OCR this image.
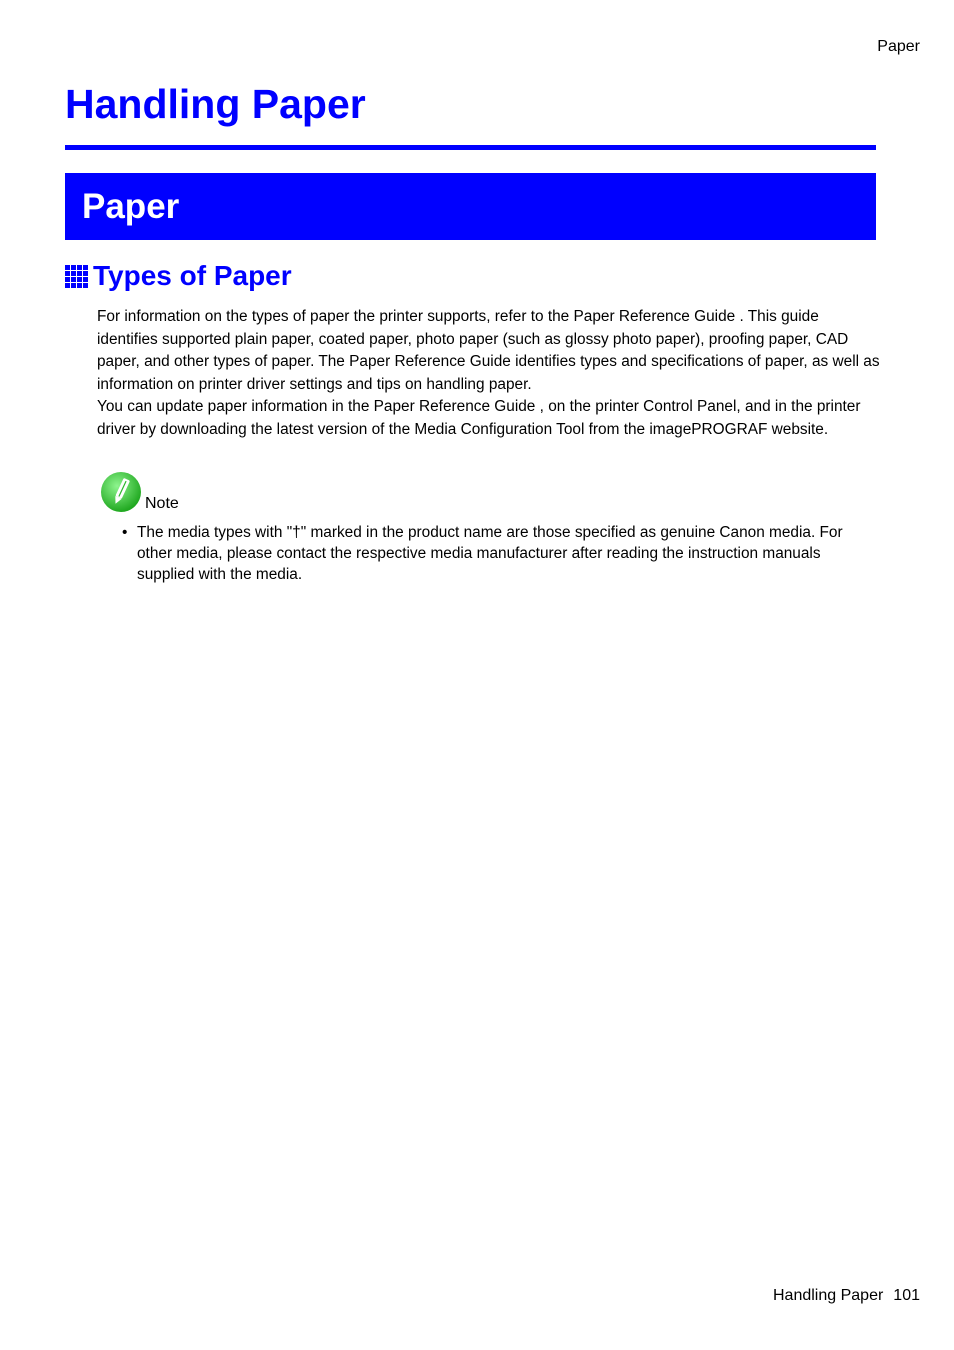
Paper
Handling Paper
Paper
Types of Paper

For information on the types of paper the printer supports, refer to the Paper Reference Guide . This guide identifies supported plain paper, coated paper, photo paper (such as glossy photo paper), proofing paper, CAD paper, and other types of paper. The Paper Reference Guide identifies types and specifications of paper, as well as information on printer driver settings and tips on handling paper.

You can update paper information in the Paper Reference Guide , on the printer Control Panel, and in the printer driver by downloading the latest version of the Media Configuration Tool from the imagePROGRAF website.

Note
• The media types with "†" marked in the product name are those specified as genuine Canon media. For other media, please contact the respective media manufacturer after reading the instruction manuals supplied with the media.
Handling Paper 101
